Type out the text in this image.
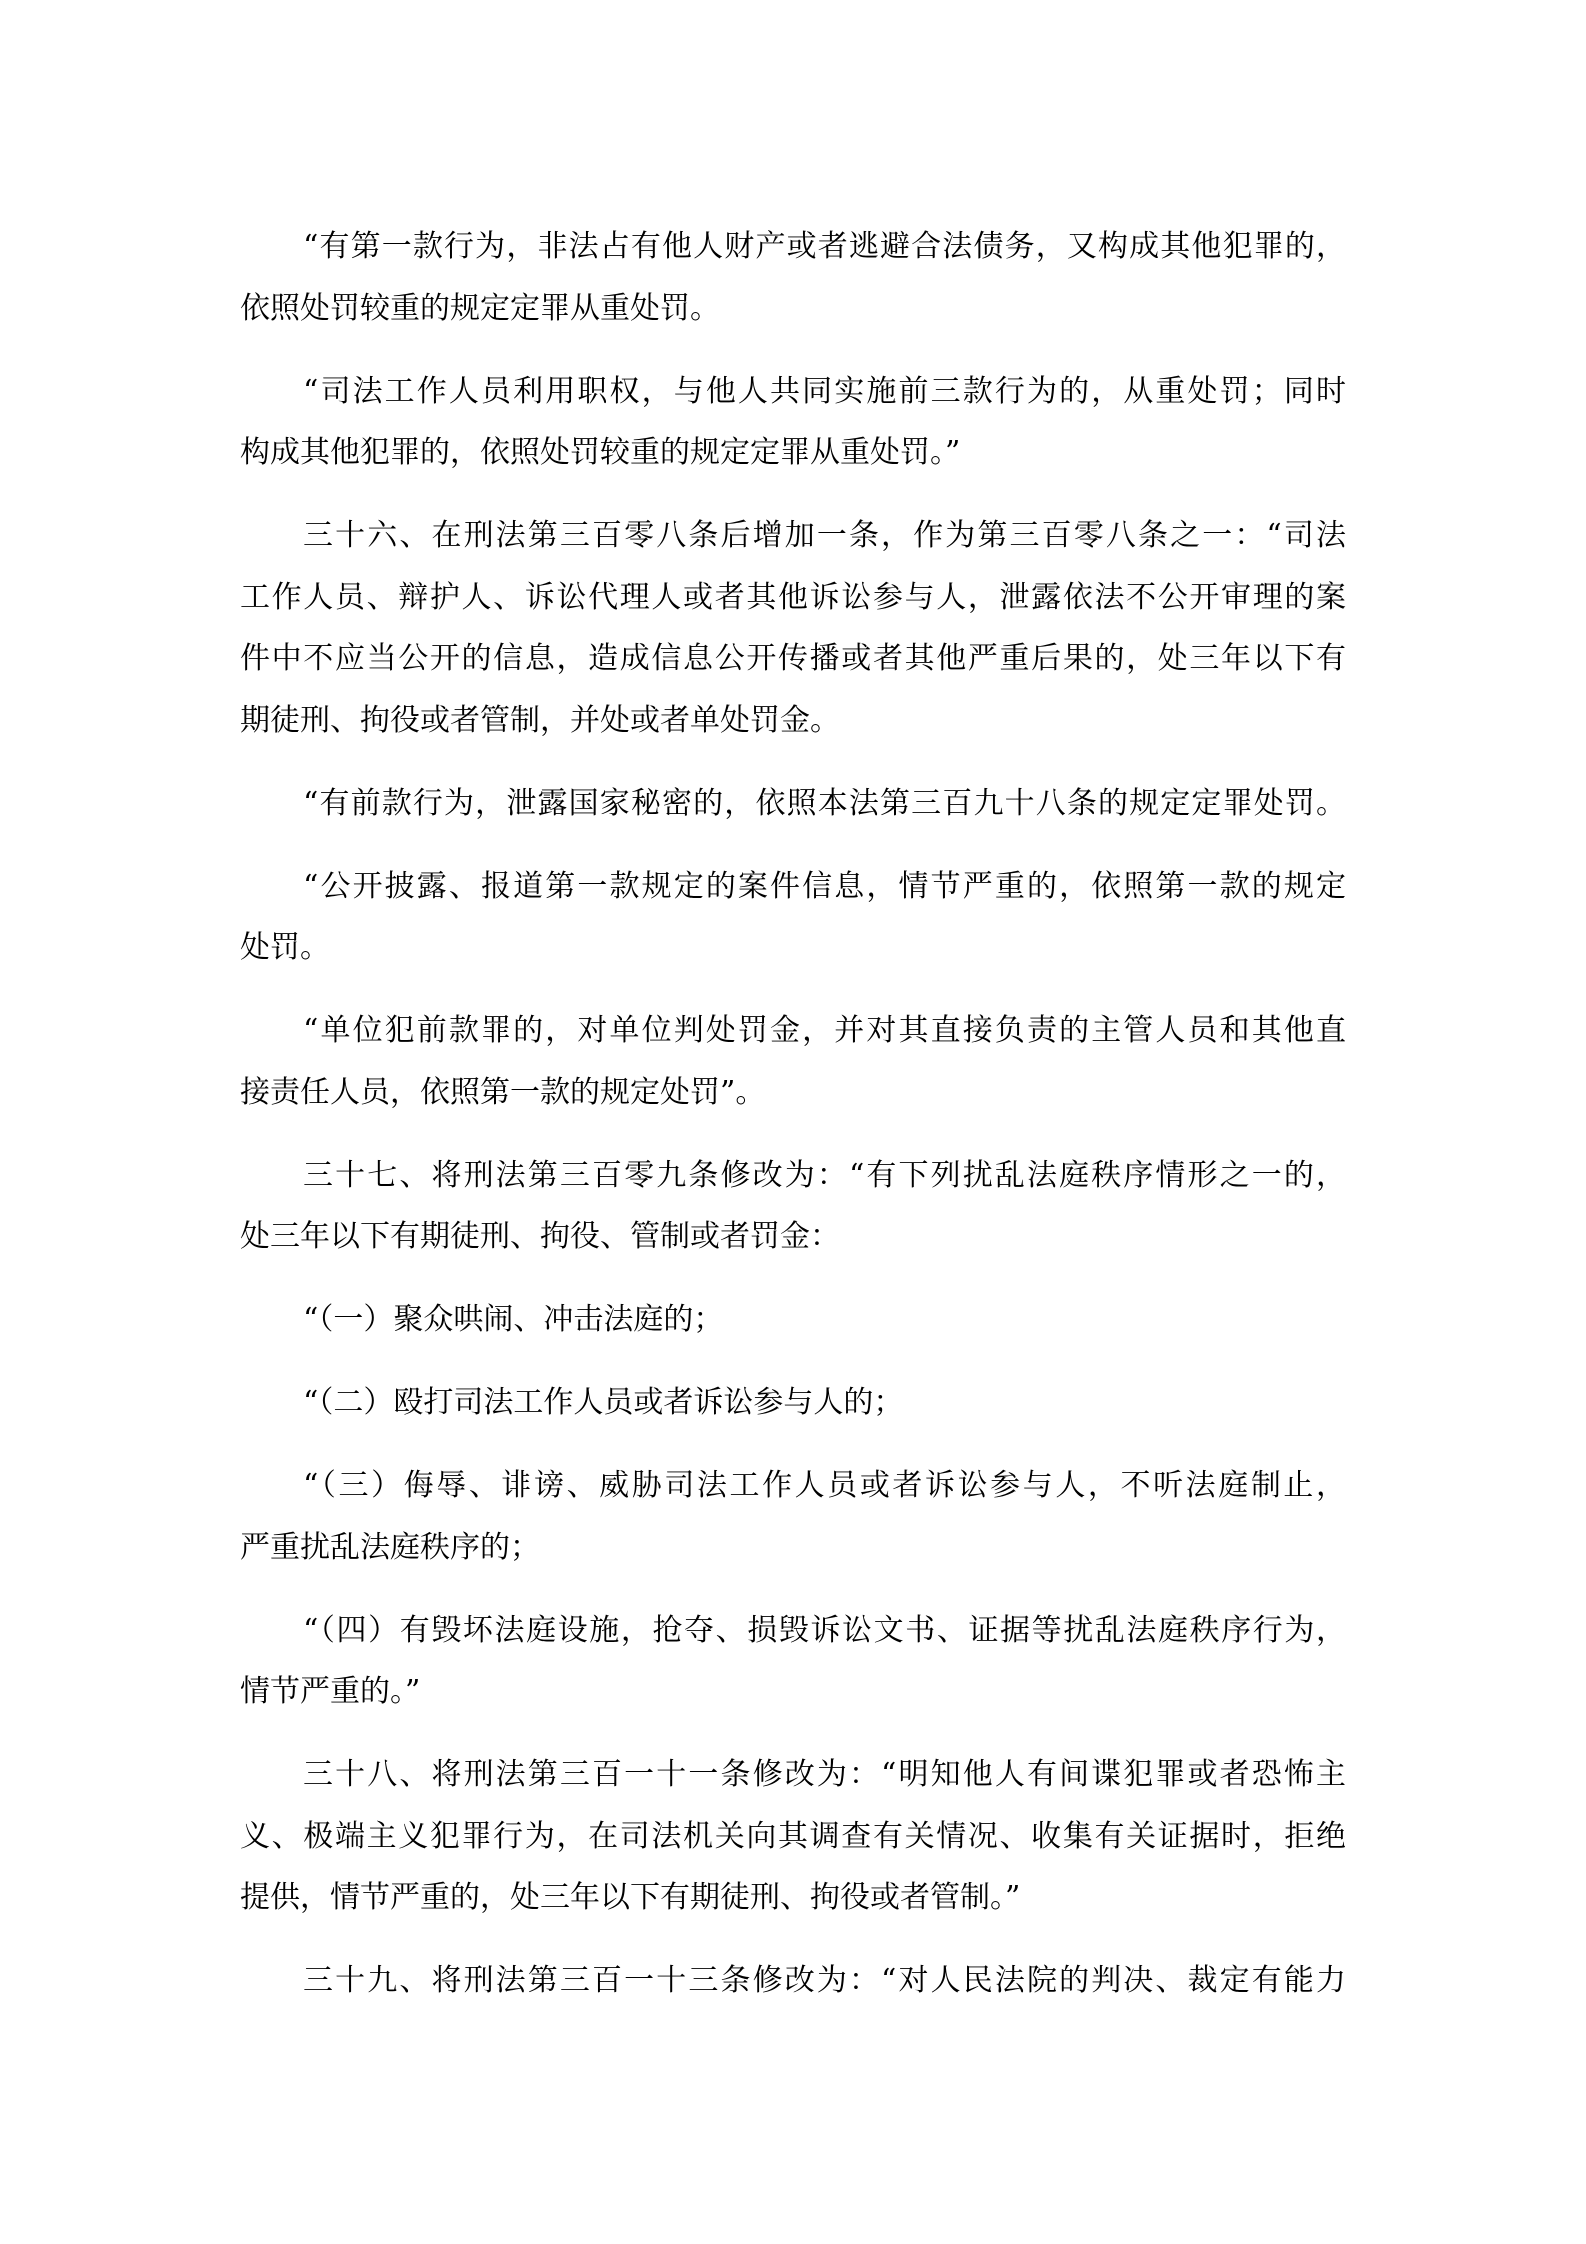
“有第一款行为，非法占有他人财产或者逃避合法债务，又构成其他犯罪的，
依照处罚较重的规定定罪从重处罚。

“司法工作人员利用职权，与他人共同实施前三款行为的，从重处罚；同时
构成其他犯罪的，依照处罚较重的规定定罪从重处罚。”

三十六、在刑法第三百零八条后增加一条，作为第三百零八条之一：“司法
工作人员、辩护人、诉讼代理人或者其他诉讼参与人，泄露依法不公开审理的案
件中不应当公开的信息，造成信息公开传播或者其他严重后果的，处三年以下有
期徒刑、拘役或者管制，并处或者单处罚金。

“有前款行为，泄露国家秘密的，依照本法第三百九十八条的规定定罪处罚。

“公开披露、报道第一款规定的案件信息，情节严重的，依照第一款的规定
处罚。

“单位犯前款罪的，对单位判处罚金，并对其直接负责的主管人员和其他直
接责任人员，依照第一款的规定处罚”。

三十七、将刑法第三百零九条修改为：“有下列扰乱法庭秩序情形之一的，
处三年以下有期徒刑、拘役、管制或者罚金：

“（一）聚众哄闹、冲击法庭的；

“（二）殴打司法工作人员或者诉讼参与人的；

“（三）侮辱、诽谤、威胁司法工作人员或者诉讼参与人，不听法庭制止，
严重扰乱法庭秩序的；

“（四）有毁坏法庭设施，抢夺、损毁诉讼文书、证据等扰乱法庭秩序行为，
情节严重的。”

三十八、将刑法第三百一十一条修改为：“明知他人有间谍犯罪或者恐怖主
义、极端主义犯罪行为，在司法机关向其调查有关情况、收集有关证据时，拒绝
提供，情节严重的，处三年以下有期徒刑、拘役或者管制。”

三十九、将刑法第三百一十三条修改为：“对人民法院的判决、裁定有能力
